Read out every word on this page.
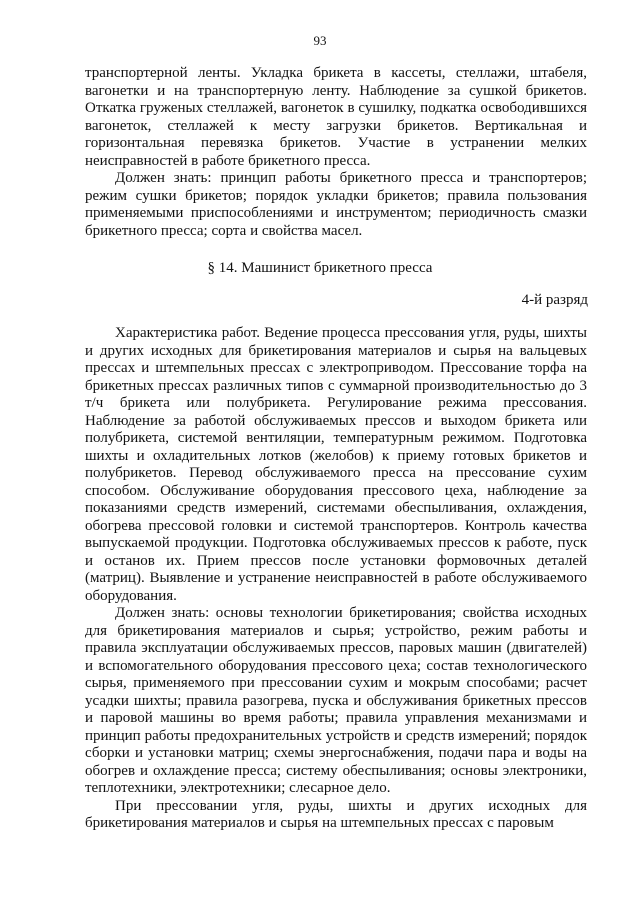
93

транспортерной ленты. Укладка брикета в кассеты, стеллажи, штабеля, вагонетки и на транспортерную ленту. Наблюдение за сушкой брикетов. Откатка груженых стеллажей, вагонеток в сушилку, подкатка освободившихся вагонеток, стеллажей к месту загрузки брикетов. Вертикальная и горизонтальная перевязка брикетов. Участие в устранении мелких неисправностей в работе брикетного пресса.

Должен знать: принцип работы брикетного пресса и транспортеров; режим сушки брикетов; порядок укладки брикетов; правила пользования применяемыми приспособлениями и инструментом; периодичность смазки брикетного пресса; сорта и свойства масел.

§ 14. Машинист брикетного пресса
4-й разряд

Характеристика работ. Ведение процесса прессования угля, руды, шихты и других исходных для брикетирования материалов и сырья на вальцевых прессах и штемпельных прессах с электроприводом. Прессование торфа на брикетных прессах различных типов с суммарной производительностью до 3 т/ч брикета или полубрикета. Регулирование режима прессования. Наблюдение за работой обслуживаемых прессов и выходом брикета или полубрикета, системой вентиляции, температурным режимом. Подготовка шихты и охладительных лотков (желобов) к приему готовых брикетов и полубрикетов. Перевод обслуживаемого пресса на прессование сухим способом. Обслуживание оборудования прессового цеха, наблюдение за показаниями средств измерений, системами обеспыливания, охлаждения, обогрева прессовой головки и системой транспортеров. Контроль качества выпускаемой продукции. Подготовка обслуживаемых прессов к работе, пуск и останов их. Прием прессов после установки формовочных деталей (матриц). Выявление и устранение неисправностей в работе обслуживаемого оборудования.

Должен знать: основы технологии брикетирования; свойства исходных для брикетирования материалов и сырья; устройство, режим работы и правила эксплуатации обслуживаемых прессов, паровых машин (двигателей) и вспомогательного оборудования прессового цеха; состав технологического сырья, применяемого при прессовании сухим и мокрым способами; расчет усадки шихты; правила разогрева, пуска и обслуживания брикетных прессов и паровой машины во время работы; правила управления механизмами и принцип работы предохранительных устройств и средств измерений; порядок сборки и установки матриц; схемы энергоснабжения, подачи пара и воды на обогрев и охлаждение пресса; систему обеспыливания; основы электроники, теплотехники, электротехники; слесарное дело.

При прессовании угля, руды, шихты и других исходных для брикетирования материалов и сырья на штемпельных прессах с паровым
